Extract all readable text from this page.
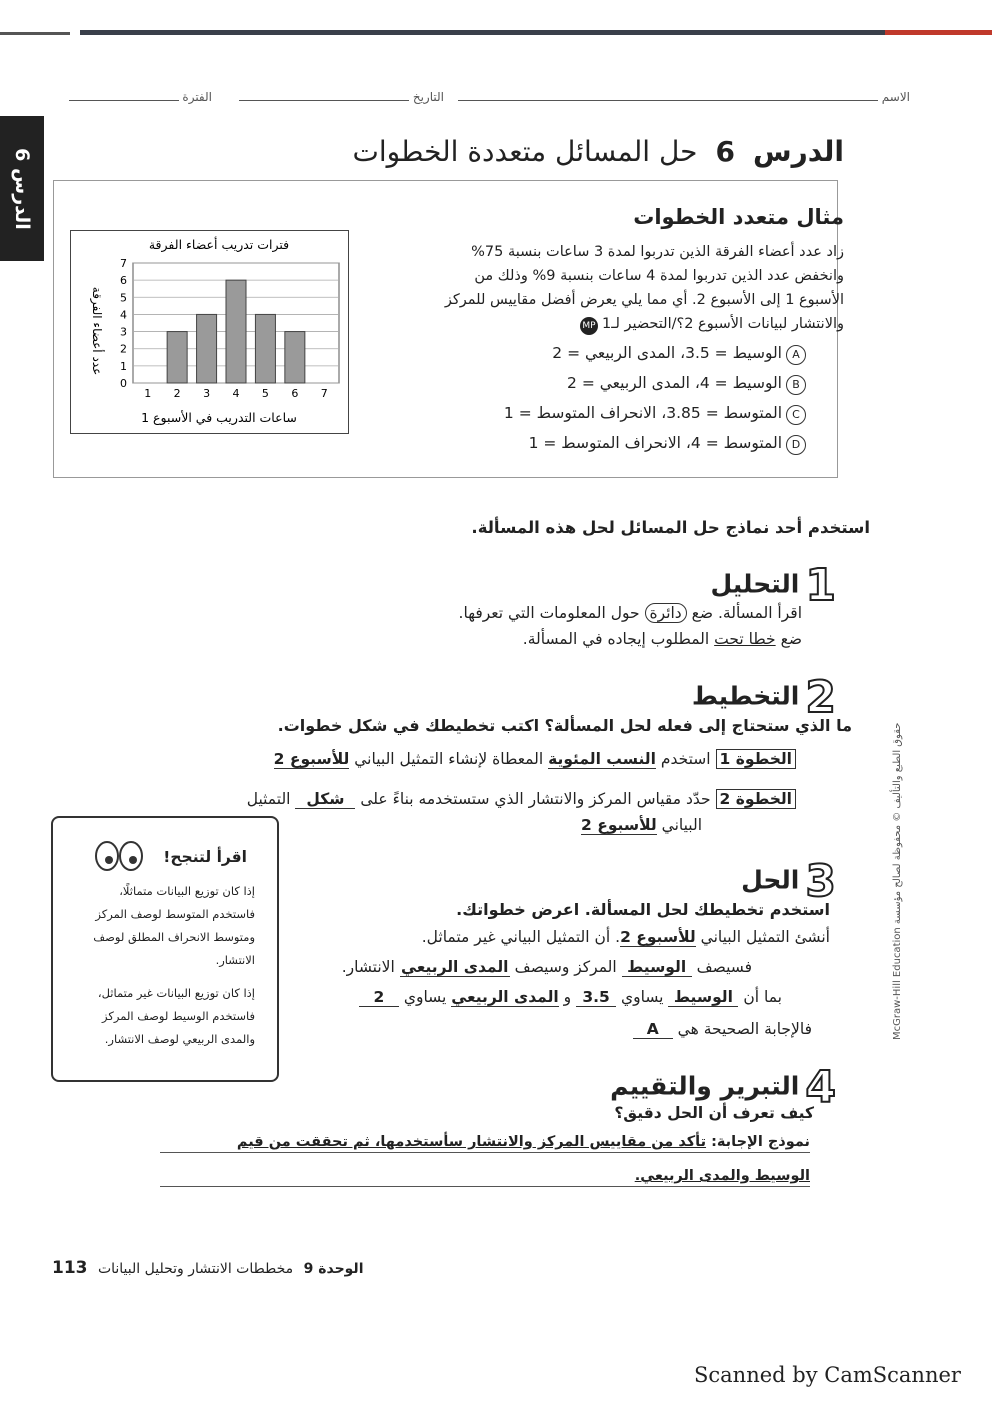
الاسم
التاريخ
الفترة
الدرس 6
الدرس6حل المسائل متعددة الخطوات
مثال متعدد الخطوات
زاد عدد أعضاء الفرقة الذين تدربوا لمدة 3 ساعات بنسبة 75%
وانخفض عدد الذين تدربوا لمدة 4 ساعات بنسبة 9% وذلك من
الأسبوع 1 إلى الأسبوع 2. أي مما يلي يعرض أفضل مقاييس للمركز
والانتشار لبيانات الأسبوع 2؟/التحضير لـ1MP
Aالوسيط = 3.5، المدى الربيعي = 2
Bالوسيط = 4، المدى الربيعي = 2
Cالمتوسط = 3.85، الانحراف المتوسط = 1
Dالمتوسط = 4، الانحراف المتوسط = 1
فترات تدريب أعضاء الفرقة
ساعات التدريب في الأسبوع 1
عدد أعضاء الفرقة
0
1
2
3
4
5
6
7
1 2 3 4 5 6 7
استخدم أحد نماذج حل المسائل لحل هذه المسألة.
1التحليل
اقرأ المسألة. ضع دائرة حول المعلومات التي تعرفها.
ضع خطا تحت المطلوب إيجاده في المسألة.
2التخطيط
ما الذي ستحتاج إلى فعله لحل المسألة؟ اكتب تخطيطك في شكل خطوات.
الخطوة 1 استخدم النسب المئوية المعطاة لإنشاء التمثيل البياني للأسبوع 2
الخطوة 2 حدّد مقياس المركز والانتشار الذي ستستخدمه بناءً على شكل التمثيل
البياني للأسبوع 2
اقرأ لتنجح!
إذا كان توزيع البيانات متماثلًا، فاستخدم المتوسط لوصف المركز ومتوسط الانحراف المطلق لوصف الانتشار.
إذا كان توزيع البيانات غير متماثل، فاستخدم الوسيط لوصف المركز والمدى الربيعي لوصف الانتشار.
3الحل
استخدم تخطيطك لحل المسألة. اعرض خطواتك.
أنشئ التمثيل البياني للأسبوع 2. أن التمثيل البياني غير متماثل.
فسيصف الوسيط المركز وسيصف المدى الربيعي الانتشار.
بما أن الوسيط يساوي 3.5 و المدى الربيعي يساوي 2
فالإجابة الصحيحة هي A
4التبرير والتقييم
كيف تعرف أن الحل دقيق؟
نموذج الإجابة: تأكد من مقاييس المركز والانتشار سأستخدمها، ثم تحققت من قيم
الوسيط والمدى الربيعي.
McGraw-Hill Education حقوق الطبع والتأليف © محفوظة لصالح مؤسسة
113 مخططات الانتشار وتحليل البيانات الوحدة 9
Scanned by CamScanner
